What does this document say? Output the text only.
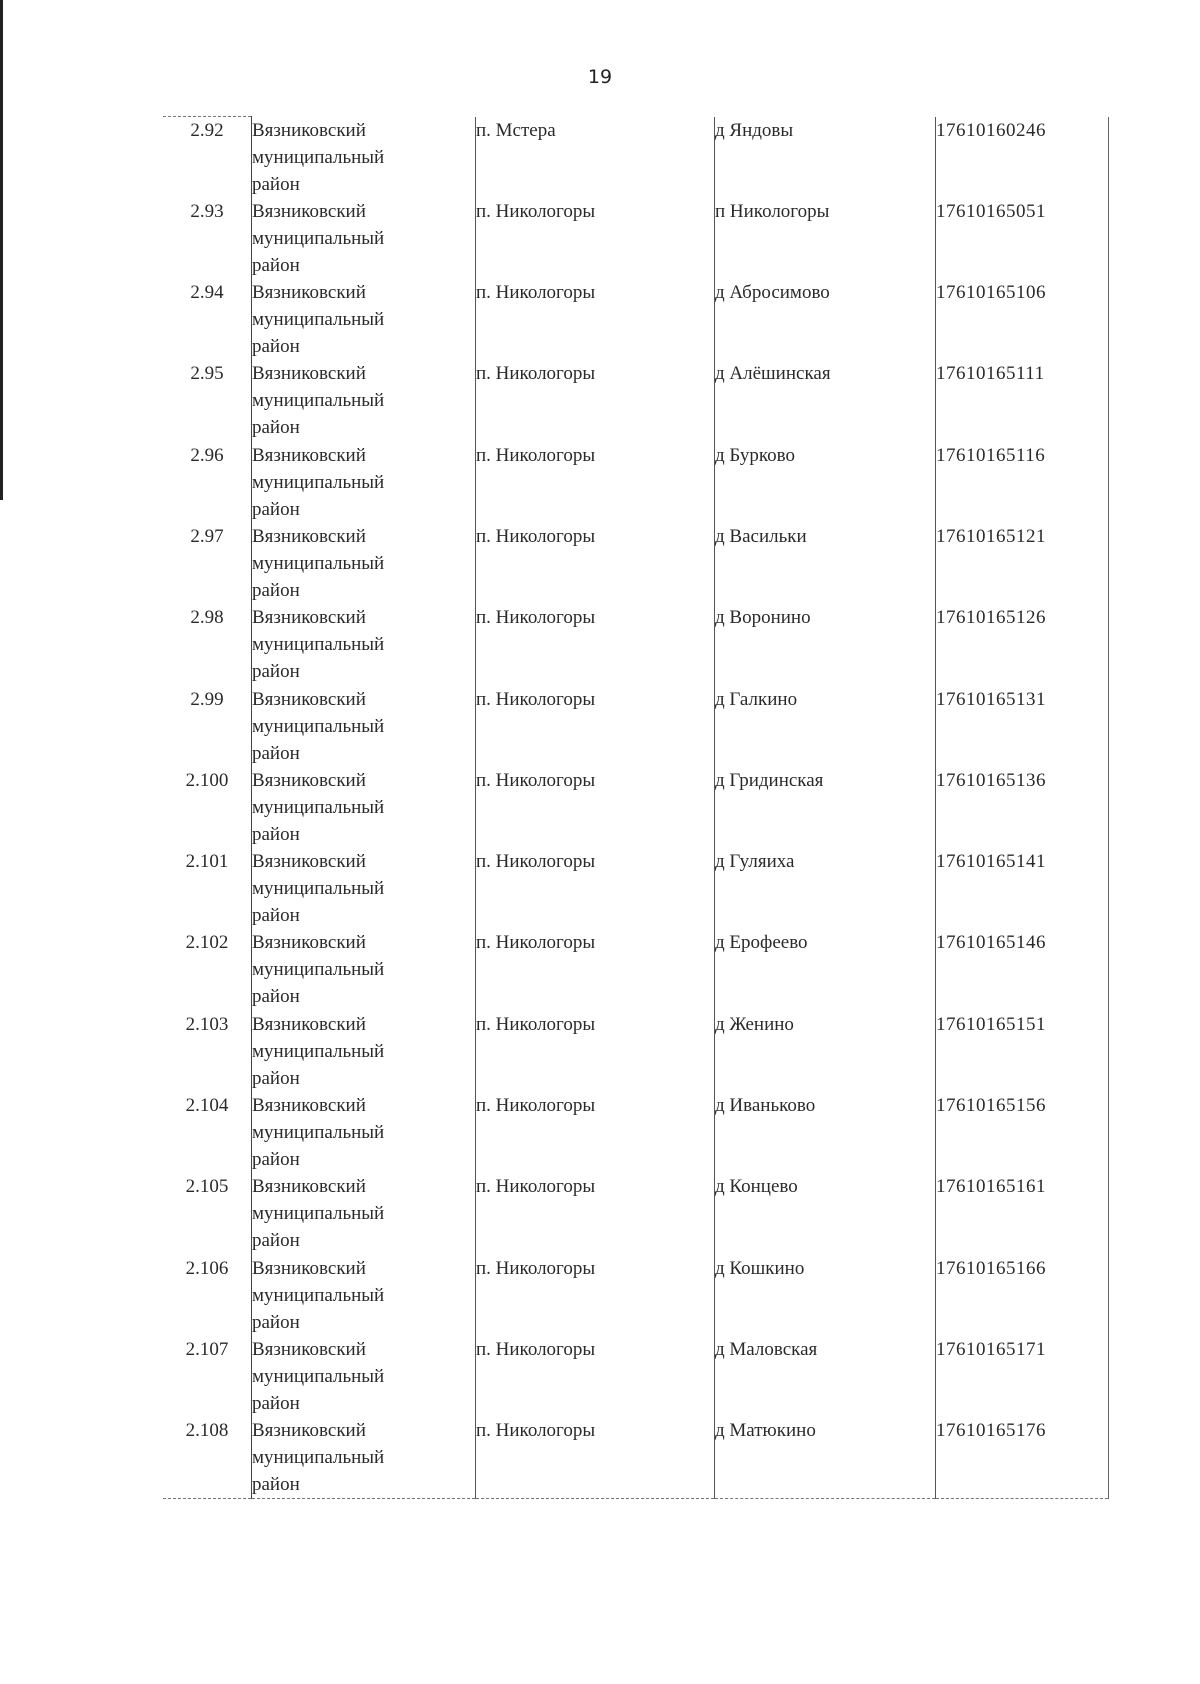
19
2.92	Вязниковский
муниципальный
район	п. Мстера	д Яндовы	17610160246
2.93	Вязниковский
муниципальный
район	п. Никологоры	п Никологоры	17610165051
2.94	Вязниковский
муниципальный
район	п. Никологоры	д Абросимово	17610165106
2.95	Вязниковский
муниципальный
район	п. Никологоры	д Алёшинская	17610165111
2.96	Вязниковский
муниципальный
район	п. Никологоры	д Бурково	17610165116
2.97	Вязниковский
муниципальный
район	п. Никологоры	д Васильки	17610165121
2.98	Вязниковский
муниципальный
район	п. Никологоры	д Воронино	17610165126
2.99	Вязниковский
муниципальный
район	п. Никологоры	д Галкино	17610165131
2.100	Вязниковский
муниципальный
район	п. Никологоры	д Гридинская	17610165136
2.101	Вязниковский
муниципальный
район	п. Никологоры	д Гуляиха	17610165141
2.102	Вязниковский
муниципальный
район	п. Никологоры	д Ерофеево	17610165146
2.103	Вязниковский
муниципальный
район	п. Никологоры	д Женино	17610165151
2.104	Вязниковский
муниципальный
район	п. Никологоры	д Иваньково	17610165156
2.105	Вязниковский
муниципальный
район	п. Никологоры	д Концево	17610165161
2.106	Вязниковский
муниципальный
район	п. Никологоры	д Кошкино	17610165166
2.107	Вязниковский
муниципальный
район	п. Никологоры	д Маловская	17610165171
2.108	Вязниковский
муниципальный
район	п. Никологоры	д Матюкино	17610165176
